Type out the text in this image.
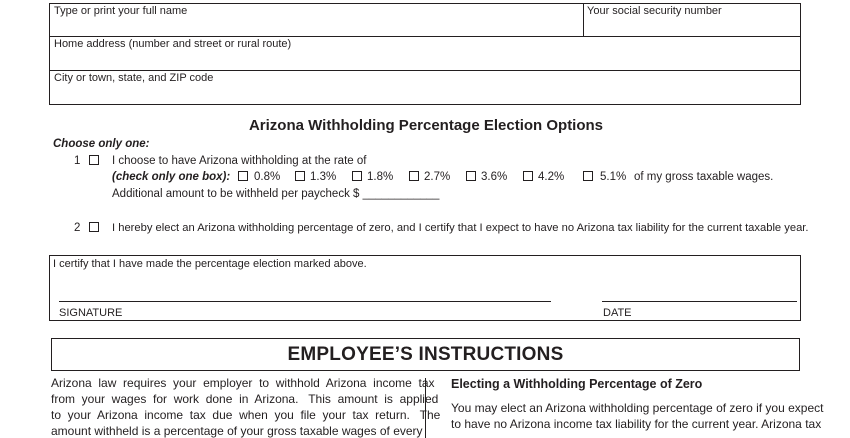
Type or print your full name	Your social security number
Home address (number and street or rural route)
City or town, state, and ZIP code
Arizona Withholding Percentage Election Options
Choose only one:
1	I choose to have Arizona withholding at the rate of
(check only one box): 0.8%	1.3%	1.8%	2.7%	3.6%	4.2%	5.1% of my gross taxable wages.
Additional amount to be withheld per paycheck $ ____________
2	I hereby elect an Arizona withholding percentage of zero, and I certify that I expect to have no Arizona tax liability for the current taxable year.
I certify that I have made the percentage election marked above.
SIGNATURE	DATE
EMPLOYEE’S INSTRUCTIONS
Arizona  law  requires  your  employer  to  withhold  Arizona  income  tax
from  your  wages  for  work  done  in  Arizona.   This  amount  is  applied
to  your  Arizona  income  tax  due  when  you  file  your  tax  return.   The
amount withheld is a percentage of your gross taxable wages of every
Electing a Withholding Percentage of Zero
You may elect an Arizona withholding percentage of zero if you expect
to have no Arizona income tax liability for the current year. Arizona tax
